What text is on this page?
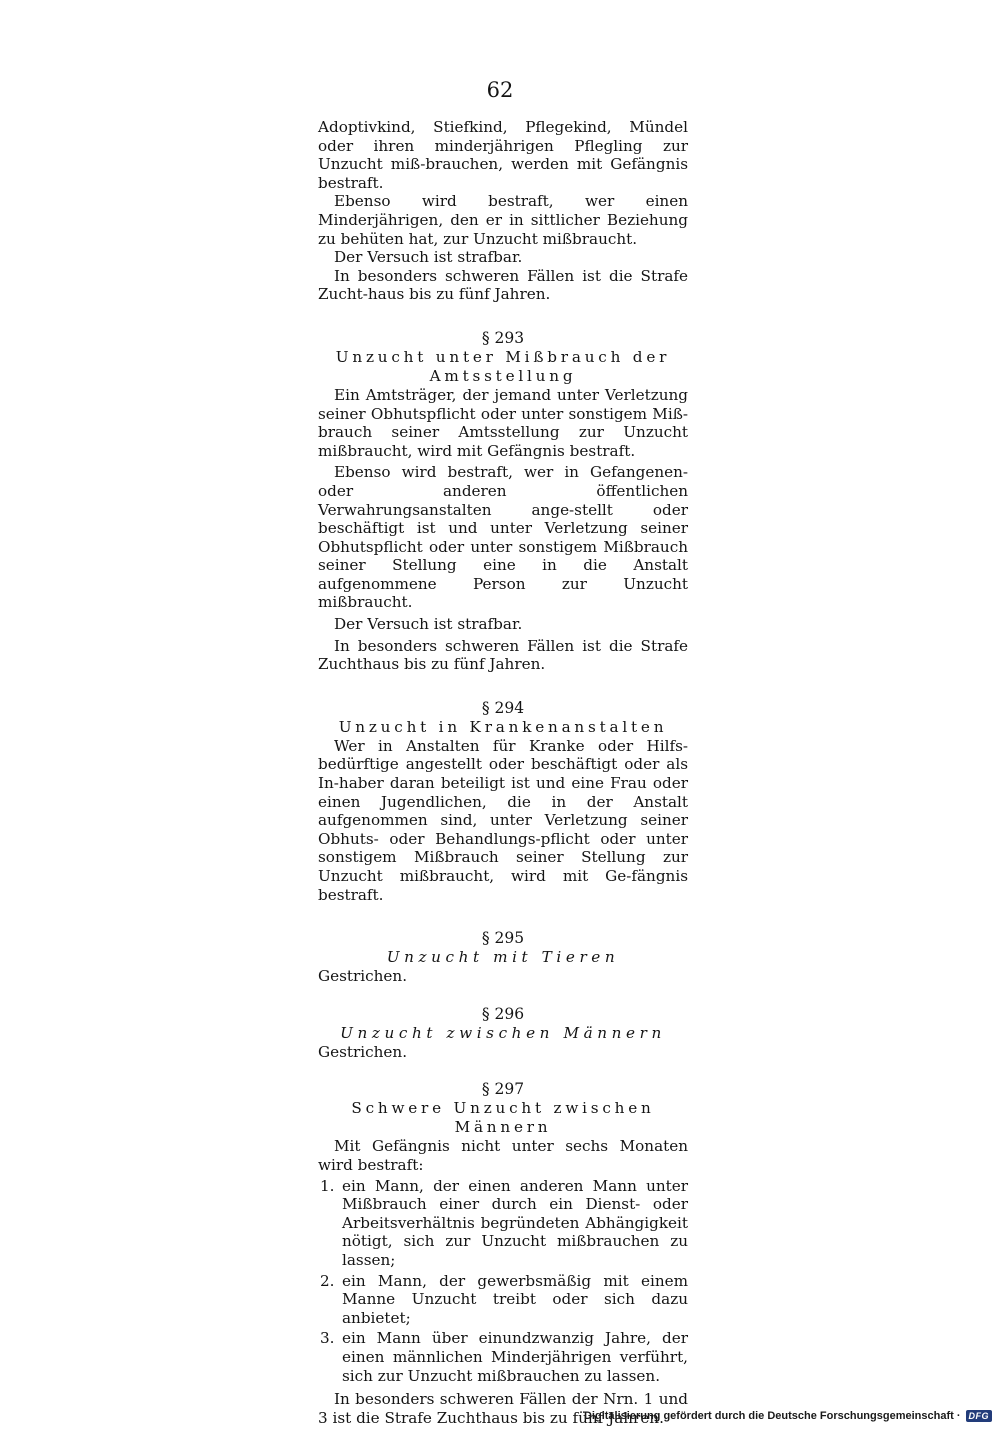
62

Adoptivkind, Stiefkind, Pflegekind, Mündel oder ihren minderjährigen Pflegling zur Unzucht miß-brauchen, werden mit Gefängnis bestraft.

Ebenso wird bestraft, wer einen Minderjährigen, den er in sittlicher Beziehung zu behüten hat, zur Unzucht mißbraucht.

Der Versuch ist strafbar.

In besonders schweren Fällen ist die Strafe Zucht-haus bis zu fünf Jahren.

§ 293
Unzucht unter Mißbrauch der
Amtsstellung

Ein Amtsträger, der jemand unter Verletzung seiner Obhutspflicht oder unter sonstigem Miß-brauch seiner Amtsstellung zur Unzucht mißbraucht, wird mit Gefängnis bestraft.

Ebenso wird bestraft, wer in Gefangenen- oder anderen öffentlichen Verwahrungsanstalten ange-stellt oder beschäftigt ist und unter Verletzung seiner Obhutspflicht oder unter sonstigem Mißbrauch seiner Stellung eine in die Anstalt aufgenommene Person zur Unzucht mißbraucht.

Der Versuch ist strafbar.

In besonders schweren Fällen ist die Strafe Zuchthaus bis zu fünf Jahren.

§ 294
Unzucht in Krankenanstalten

Wer in Anstalten für Kranke oder Hilfs-bedürftige angestellt oder beschäftigt oder als In-haber daran beteiligt ist und eine Frau oder einen Jugendlichen, die in der Anstalt aufgenommen sind, unter Verletzung seiner Obhuts- oder Behandlungs-pflicht oder unter sonstigem Mißbrauch seiner Stellung zur Unzucht mißbraucht, wird mit Ge-fängnis bestraft.

§ 295
Unzucht mit Tieren

Gestrichen.

§ 296
Unzucht zwischen Männern

Gestrichen.

§ 297
Schwere Unzucht zwischen Männern

Mit Gefängnis nicht unter sechs Monaten wird bestraft:

1. ein Mann, der einen anderen Mann unter Mißbrauch einer durch ein Dienst- oder Arbeitsverhältnis begründeten Abhängigkeit nötigt, sich zur Unzucht mißbrauchen zu lassen;
2. ein Mann, der gewerbsmäßig mit einem Manne Unzucht treibt oder sich dazu anbietet;
3. ein Mann über einundzwanzig Jahre, der einen männlichen Minderjährigen verführt, sich zur Unzucht mißbrauchen zu lassen.

In besonders schweren Fällen der Nrn. 1 und 3 ist die Strafe Zuchthaus bis zu fünf Jahren.

Digitalisierung gefördert durch die Deutsche Forschungsgemeinschaft · DFG
